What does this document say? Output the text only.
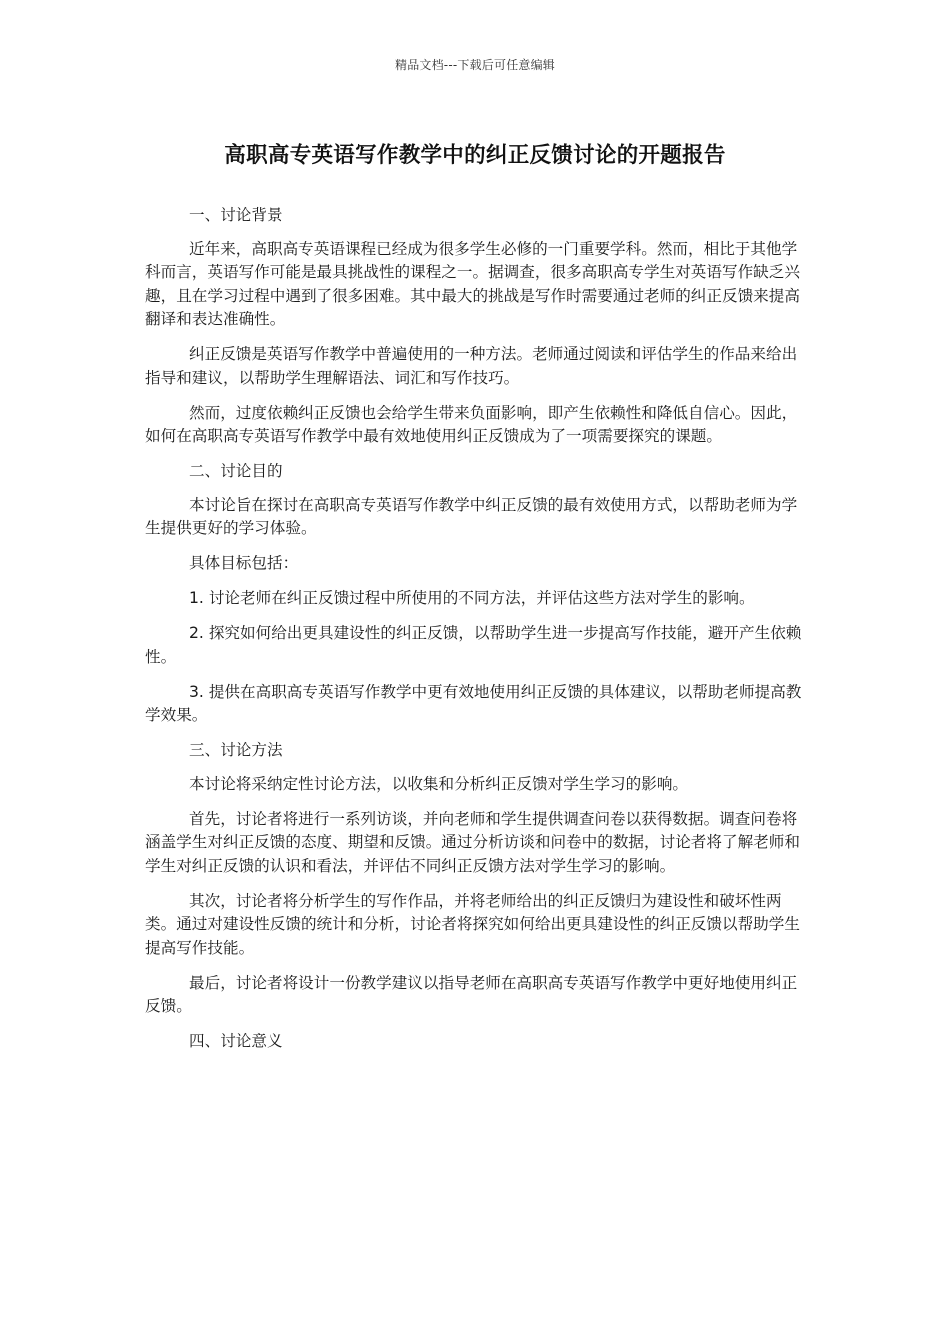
精品文档---下载后可任意编辑
高职高专英语写作教学中的纠正反馈讨论的开题报告

一、讨论背景

近年来，高职高专英语课程已经成为很多学生必修的一门重要学科。然而，相比于其他学科而言，英语写作可能是最具挑战性的课程之一。据调查，很多高职高专学生对英语写作缺乏兴趣，且在学习过程中遇到了很多困难。其中最大的挑战是写作时需要通过老师的纠正反馈来提高翻译和表达准确性。

纠正反馈是英语写作教学中普遍使用的一种方法。老师通过阅读和评估学生的作品来给出指导和建议，以帮助学生理解语法、词汇和写作技巧。

然而，过度依赖纠正反馈也会给学生带来负面影响，即产生依赖性和降低自信心。因此，如何在高职高专英语写作教学中最有效地使用纠正反馈成为了一项需要探究的课题。

二、讨论目的

本讨论旨在探讨在高职高专英语写作教学中纠正反馈的最有效使用方式，以帮助老师为学生提供更好的学习体验。

具体目标包括：

1. 讨论老师在纠正反馈过程中所使用的不同方法，并评估这些方法对学生的影响。

2. 探究如何给出更具建设性的纠正反馈，以帮助学生进一步提高写作技能，避开产生依赖性。

3. 提供在高职高专英语写作教学中更有效地使用纠正反馈的具体建议，以帮助老师提高教学效果。

三、讨论方法

本讨论将采纳定性讨论方法，以收集和分析纠正反馈对学生学习的影响。

首先，讨论者将进行一系列访谈，并向老师和学生提供调查问卷以获得数据。调查问卷将涵盖学生对纠正反馈的态度、期望和反馈。通过分析访谈和问卷中的数据，讨论者将了解老师和学生对纠正反馈的认识和看法，并评估不同纠正反馈方法对学生学习的影响。

其次，讨论者将分析学生的写作作品，并将老师给出的纠正反馈归为建设性和破坏性两类。通过对建设性反馈的统计和分析，讨论者将探究如何给出更具建设性的纠正反馈以帮助学生提高写作技能。

最后，讨论者将设计一份教学建议以指导老师在高职高专英语写作教学中更好地使用纠正反馈。

四、讨论意义
